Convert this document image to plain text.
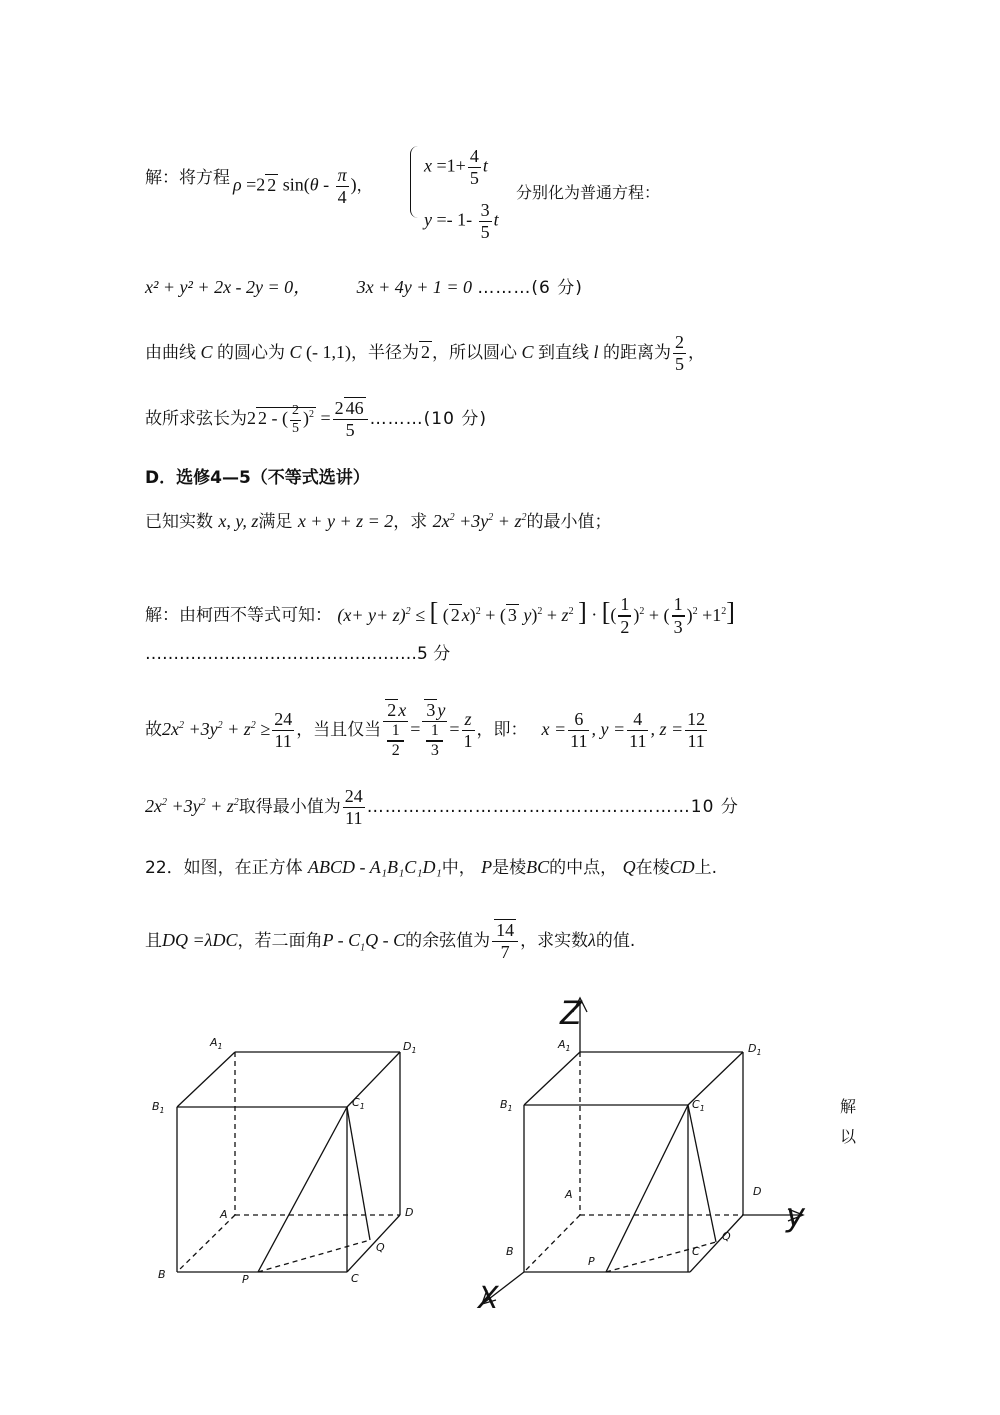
解：将方程 ρ =2 2 $\sin(\theta - \frac{\pi}{4}$ )，
$x =1+ \frac{4}{5}$ t
$y =- 1- \frac{3}{5}$ t
分别化为普通方程：
x² + y² + 2x - 2y = 0，	3x + 4y + 1 = 0 ………(6 分)
由曲线 C 的圆心为 C (- 1,1)，半径为 2 ，所以圆心 C 到直线 l 的距离为 $\frac{2}{5}$ ，
故所求弦长为2 2 - ( $\frac{2}{5} )^2 = \frac{2 46}{5}$ ………(10 分)
D．选修4—5（不等式选讲）
已知实数 x, y, z满足 x + y + z = 2，求 $2x^2 +3y^2 + z^2$的最小值；
解：由柯西不等式可知： $(x+ y+ z)^2$ ≤ [ ( 2 x)$^2$ + ( 3 $y)^2 + z^2$ ] · [( $\frac{1}{2} )^2$ + ( $\frac{1}{3} )^2 +1^2$]
…………………………………………5 分
故$2x^2 +3y^2 + z^2 \ge \frac{24}{11}$ ，当且仅当 2 x
1
2 = 3 y
1
$3 = \frac{z}{1}$ ，即： $x = \frac{6}{11}$ , $y = \frac{4}{11}$ , $z = \frac{12}{11}$
$2x^2 +3y^2 + z^2$取得最小值为 $\frac{24}{11}$ ………………………………………………10 分
22．如图，在正方体 ABCD - A₁B₁C₁D₁中， P是棱BC的中点， Q在棱CD上.
且DQ =λDC，若二面角P - $C_1Q$ - C的余弦值为 $\frac{14}{7}$ ，求实数λ的值.
$A_1$	$D_1$
$B_1$
$C_1$
A	D
B	P	C
Q
$A_1$	$D_1$
$B_1$	$C_1$
A	D
B
P
C
Q
Z
y
X
解
以
